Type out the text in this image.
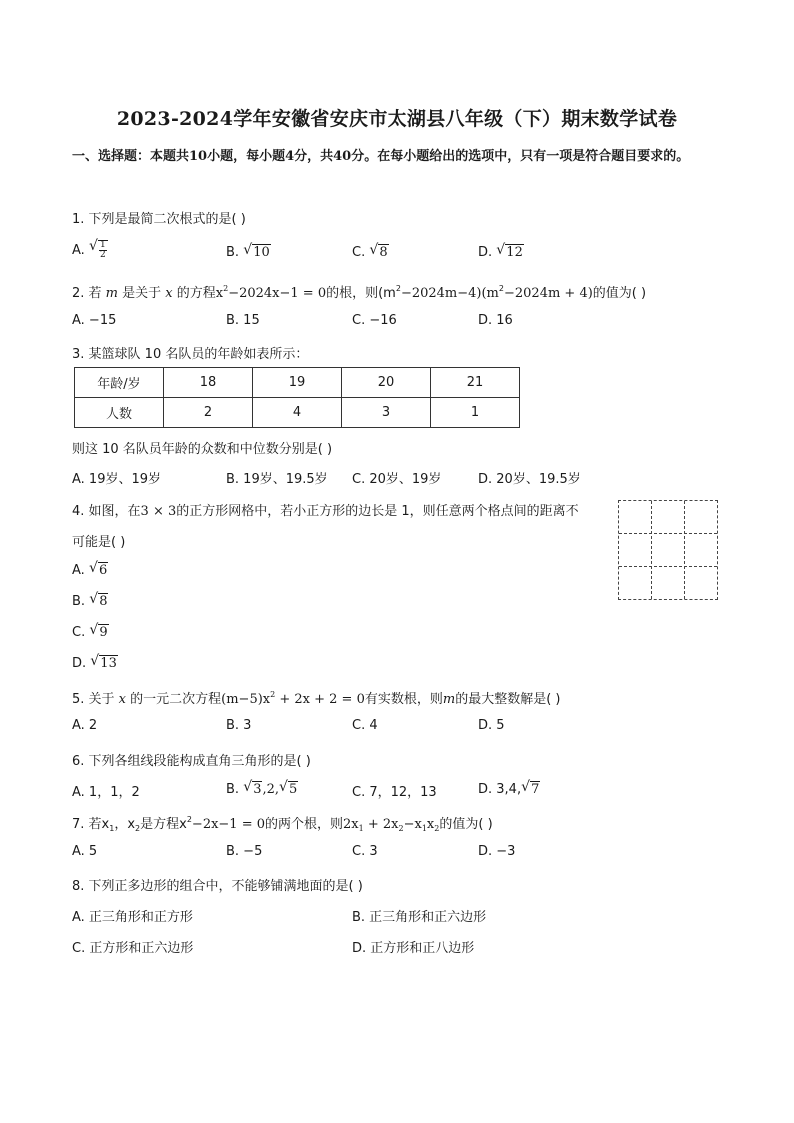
2023-2024学年安徽省安庆市太湖县八年级（下）期末数学试卷
一、选择题：本题共10小题，每小题4分，共40分。在每小题给出的选项中，只有一项是符合题目要求的。
1. 下列是最简二次根式的是( )
A. √ $\frac{1}{2}$	B. √ 10	C. √ 8	D. √ 12
2. 若 m 是关于 x 的方程$x^2-2024x-1 = 0$的根，则$(m^2-2024m-4)(m^2-2024m + 4)$的值为( )
A. −15	B. 15	C. −16	D. 16
3. 某篮球队 10 名队员的年龄如表所示：
年龄/岁	18	19	20	21
人数	2	4	3	1
则这 10 名队员年龄的众数和中位数分别是( )
A. 19岁、19岁	B. 19岁、19.5岁 C. 20岁、19岁	D. 20岁、19.5岁
4. 如图，在3 × 3的正方形网格中，若小正方形的边长是 1，则任意两个格点间的距离不
可能是( )
A. √ 6
B. √ 8
C. √ 9
D. √ 13
5. 关于 x 的一元二次方程$(m-5)x^2 + 2x + 2 = 0$有实数根，则m的最大整数解是( )
A. 2	B. 3	C. 4	D. 5
6. 下列各组线段能构成直角三角形的是( )
A. 1，1，2	B. √ 3,2, √ 5	C. 7，12，13	D. 3,4, √ 7
7. 若$x_1$，$x_2$是方程$x^2-2x-1 = 0$的两个根，则$2x_1 + 2x_2-x_1x_2$的值为( )
A. 5	B. −5	C. 3	D. −3
8. 下列正多边形的组合中，不能够铺满地面的是( )
A. 正三角形和正方形	B. 正三角形和正六边形
C. 正方形和正六边形	D. 正方形和正八边形
